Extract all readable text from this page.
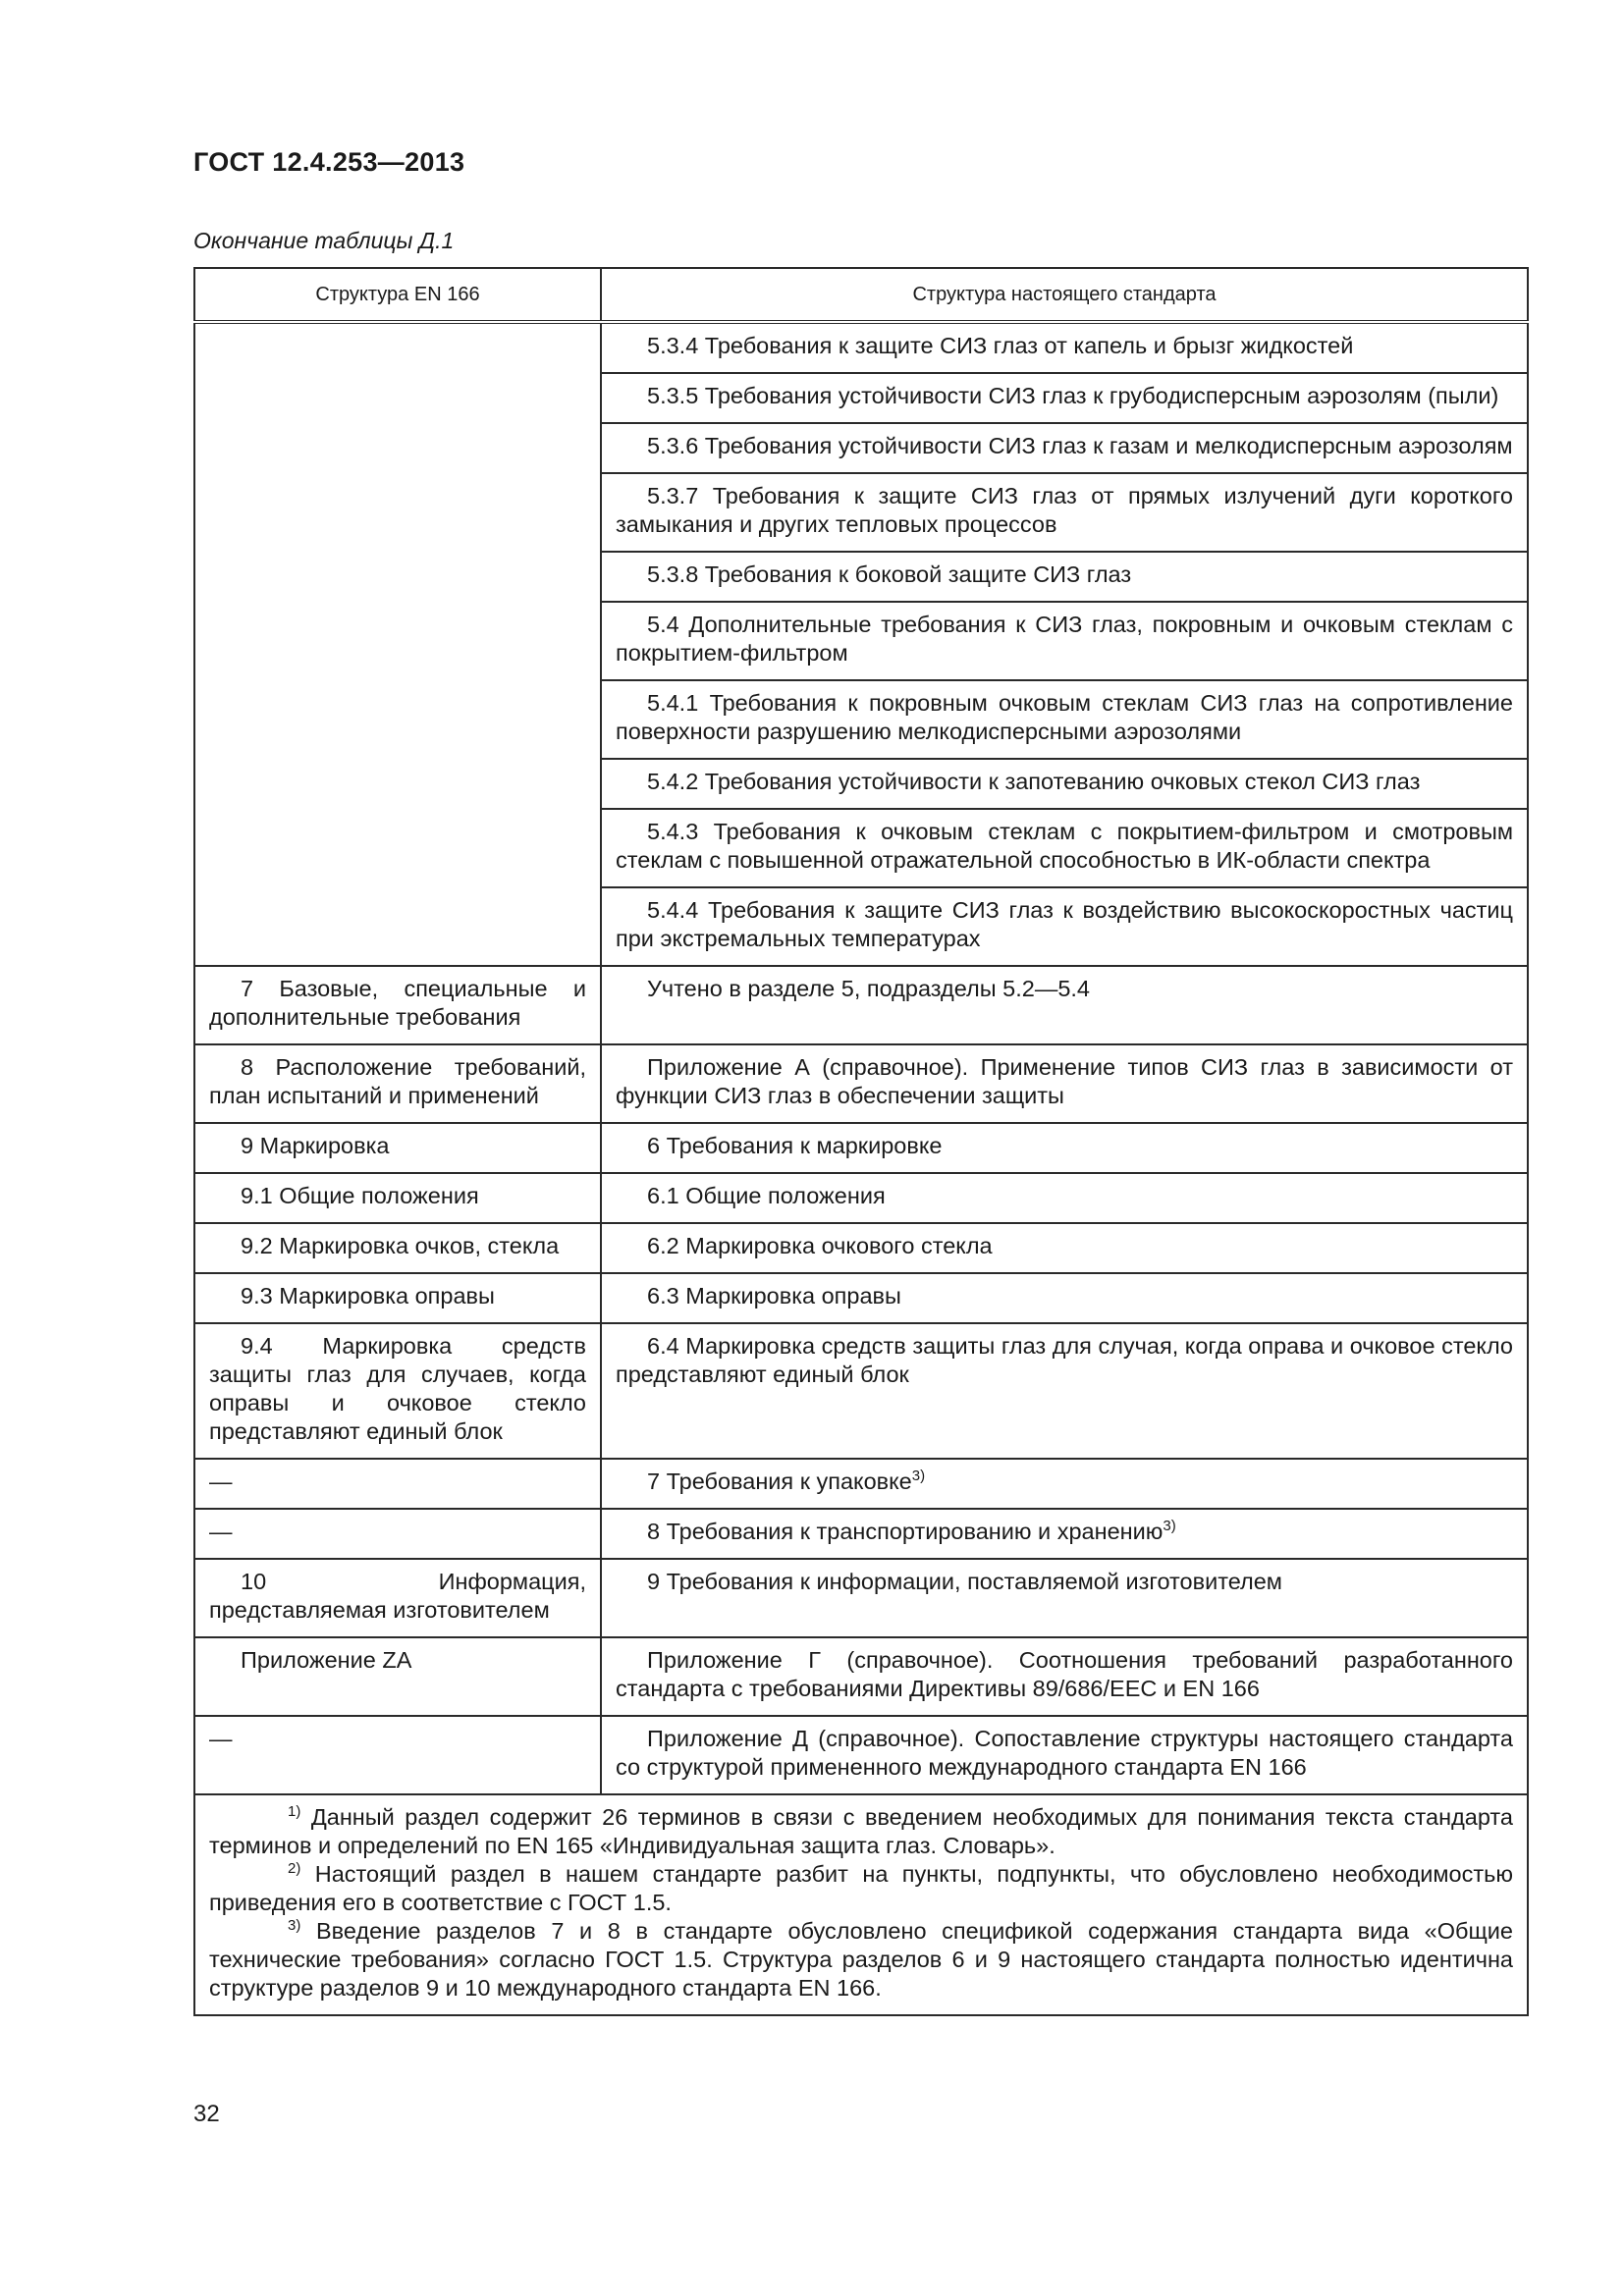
ГОСТ 12.4.253—2013
Окончание таблицы Д.1
Структура EN 166	Структура настоящего стандарта
	5.3.4 Требования к защите СИЗ глаз от капель и брызг жидкостей
	5.3.5 Требования устойчивости СИЗ глаз к грубодисперсным аэрозолям (пыли)
	5.3.6 Требования устойчивости СИЗ глаз к газам и мелкодисперсным аэрозолям
	5.3.7 Требования к защите СИЗ глаз от прямых излучений дуги короткого замыкания и других тепловых процессов
	5.3.8 Требования к боковой защите СИЗ глаз
	5.4 Дополнительные требования к СИЗ глаз, покровным и очковым стеклам с покрытием-фильтром
	5.4.1 Требования к покровным очковым стеклам СИЗ глаз на сопротивление поверхности разрушению мелкодисперсными аэрозолями
	5.4.2 Требования устойчивости к запотеванию очковых стекол СИЗ глаз
	5.4.3 Требования к очковым стеклам с покрытием-фильтром и смотровым стеклам с повышенной отражательной способностью в ИК-области спектра
	5.4.4 Требования к защите СИЗ глаз к воздействию высокоскоростных частиц при экстремальных температурах
7 Базовые, специальные и дополнительные требования	Учтено в разделе 5, подразделы 5.2—5.4
8 Расположение требований, план испытаний и применений	Приложение А (справочное). Применение типов СИЗ глаз в зависимости от функции СИЗ глаз в обеспечении защиты
9 Маркировка	6 Требования к маркировке
9.1 Общие положения	6.1 Общие положения
9.2 Маркировка очков, стекла	6.2 Маркировка очкового стекла
9.3 Маркировка оправы	6.3 Маркировка оправы
9.4 Маркировка средств защиты глаз для случаев, когда оправы и очковое стекло представляют единый блок	6.4 Маркировка средств защиты глаз для случая, когда оправа и очковое стекло представляют единый блок
—	7 Требования к упаковке$^{3)}$
—	8 Требования к транспортированию и хранению$^{3)}$
10 Информация, представляемая изготовителем	9 Требования к информации, поставляемой изготовителем
Приложение ZA	Приложение Г (справочное). Соотношения требований разработанного стандарта с требованиями Директивы 89/686/ЕЕС и EN 166
—	Приложение Д (справочное). Сопоставление структуры настоящего стандарта со структурой примененного международного стандарта EN 166

$^{1)}$ Данный раздел содержит 26 терминов в связи с введением необходимых для понимания текста стандарта терминов и определений по EN 165 «Индивидуальная защита глаз. Словарь».
$^{2)}$ Настоящий раздел в нашем стандарте разбит на пункты, подпункты, что обусловлено необходимостью приведения его в соответствие с ГОСТ 1.5.
$^{3)}$ Введение разделов 7 и 8 в стандарте обусловлено спецификой содержания стандарта вида «Общие технические требования» согласно ГОСТ 1.5. Структура разделов 6 и 9 настоящего стандарта полностью идентична структуре разделов 9 и 10 международного стандарта EN 166.	
32
